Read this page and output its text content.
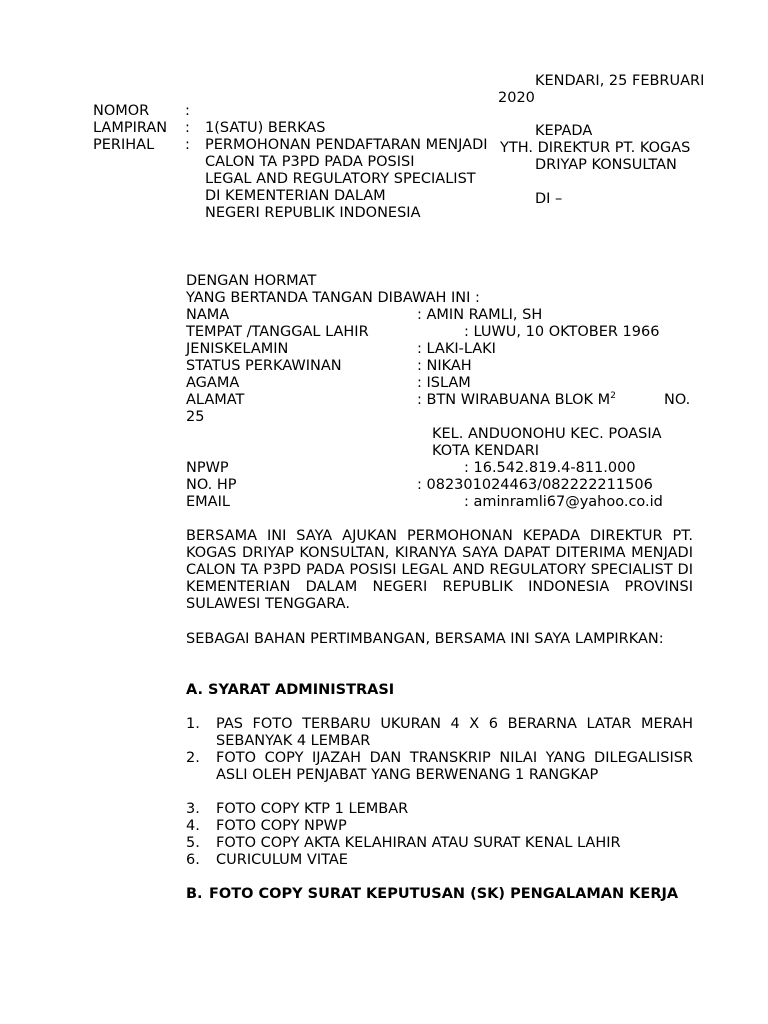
KENDARI, 25 FEBRUARI
2020
KEPADA
YTH. DIREKTUR PT. KOGAS
DRIYAP KONSULTAN
DI –
NOMOR :
LAMPIRAN : 1(SATU) BERKAS
PERIHAL : PERMOHONAN PENDAFTARAN MENJADI
CALON TA P3PD PADA POSISI
LEGAL AND REGULATORY SPECIALIST
DI KEMENTERIAN DALAM
NEGERI REPUBLIK INDONESIA
DENGAN HORMAT
YANG BERTANDA TANGAN DIBAWAH INI :
NAMA	: AMIN RAMLI, SH
TEMPAT /TANGGAL LAHIR	: LUWU, 10 OKTOBER 1966
JENISKELAMIN	: LAKI-LAKI
STATUS PERKAWINAN	: NIKAH
AGAMA	: ISLAM
ALAMAT	: BTN WIRABUANA BLOK $M^2$	NO.
25
KEL. ANDUONOHU KEC. POASIA
KOTA KENDARI
NPWP	: 16.542.819.4-811.000
NO. HP	: 082301024463/082222211506
EMAIL	: aminramli67@yahoo.co.id
BERSAMA INI SAYA AJUKAN PERMOHONAN KEPADA DIREKTUR PT. KOGAS DRIYAP KONSULTAN, KIRANYA SAYA DAPAT DITERIMA MENJADI CALON TA P3PD PADA POSISI LEGAL AND REGULATORY SPECIALIST DI KEMENTERIAN DALAM NEGERI REPUBLIK INDONESIA PROVINSI SULAWESI TENGGARA.
SEBAGAI BAHAN PERTIMBANGAN, BERSAMA INI SAYA LAMPIRKAN:
A. SYARAT ADMINISTRASI
1. PAS FOTO TERBARU UKURAN 4 X 6 BERARNA LATAR MERAH SEBANYAK 4 LEMBAR
2. FOTO COPY IJAZAH DAN TRANSKRIP NILAI YANG DILEGALISISR ASLI OLEH PENJABAT YANG BERWENANG 1 RANGKAP
3. FOTO COPY KTP 1 LEMBAR
4. FOTO COPY NPWP
5. FOTO COPY AKTA KELAHIRAN ATAU SURAT KENAL LAHIR
6. CURICULUM VITAE
B. FOTO COPY SURAT KEPUTUSAN (SK) PENGALAMAN KERJA
